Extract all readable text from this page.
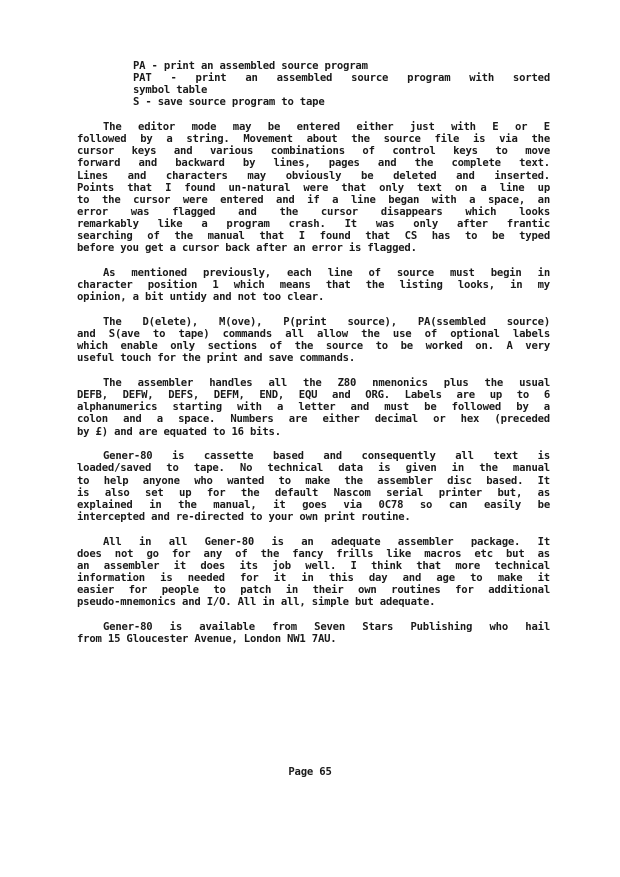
PA - print an assembled source program
PAT - print an assembled source program with sorted
symbol table
S - save source program to tape
The editor mode may be entered either just with E or E
followed by a string. Movement about the source file is via the
cursor keys and various combinations of control keys to move
forward and backward by lines, pages and the complete text.
Lines and characters may obviously be deleted and inserted.
Points that I found un-natural were that only text on a line up
to the cursor were entered and if a line began with a space, an
error was flagged and the cursor disappears which looks
remarkably like a program crash. It was only after frantic
searching of the manual that I found that CS has to be typed
before you get a cursor back after an error is flagged.
As mentioned previously, each line of source must begin in
character position 1 which means that the listing looks, in my
opinion, a bit untidy and not too clear.
The D(elete), M(ove), P(print source), PA(ssembled source)
and S(ave to tape) commands all allow the use of optional labels
which enable only sections of the source to be worked on. A very
useful touch for the print and save commands.
The assembler handles all the Z80 nmenonics plus the usual
DEFB, DEFW, DEFS, DEFM, END, EQU and ORG. Labels are up to 6
alphanumerics starting with a letter and must be followed by a
colon and a space. Numbers are either decimal or hex (preceded
by £) and are equated to 16 bits.
Gener-80 is cassette based and consequently all text is
loaded/saved to tape. No technical data is given in the manual
to help anyone who wanted to make the assembler disc based. It
is also set up for the default Nascom serial printer but, as
explained in the manual, it goes via 0C78 so can easily be
intercepted and re-directed to your own print routine.
All in all Gener-80 is an adequate assembler package. It
does not go for any of the fancy frills like macros etc but as
an assembler it does its job well. I think that more technical
information is needed for it in this day and age to make it
easier for people to patch in their own routines for additional
pseudo-mnemonics and I/O. All in all, simple but adequate.
Gener-80 is available from Seven Stars Publishing who hail
from 15 Gloucester Avenue, London NW1 7AU.
Page 65
